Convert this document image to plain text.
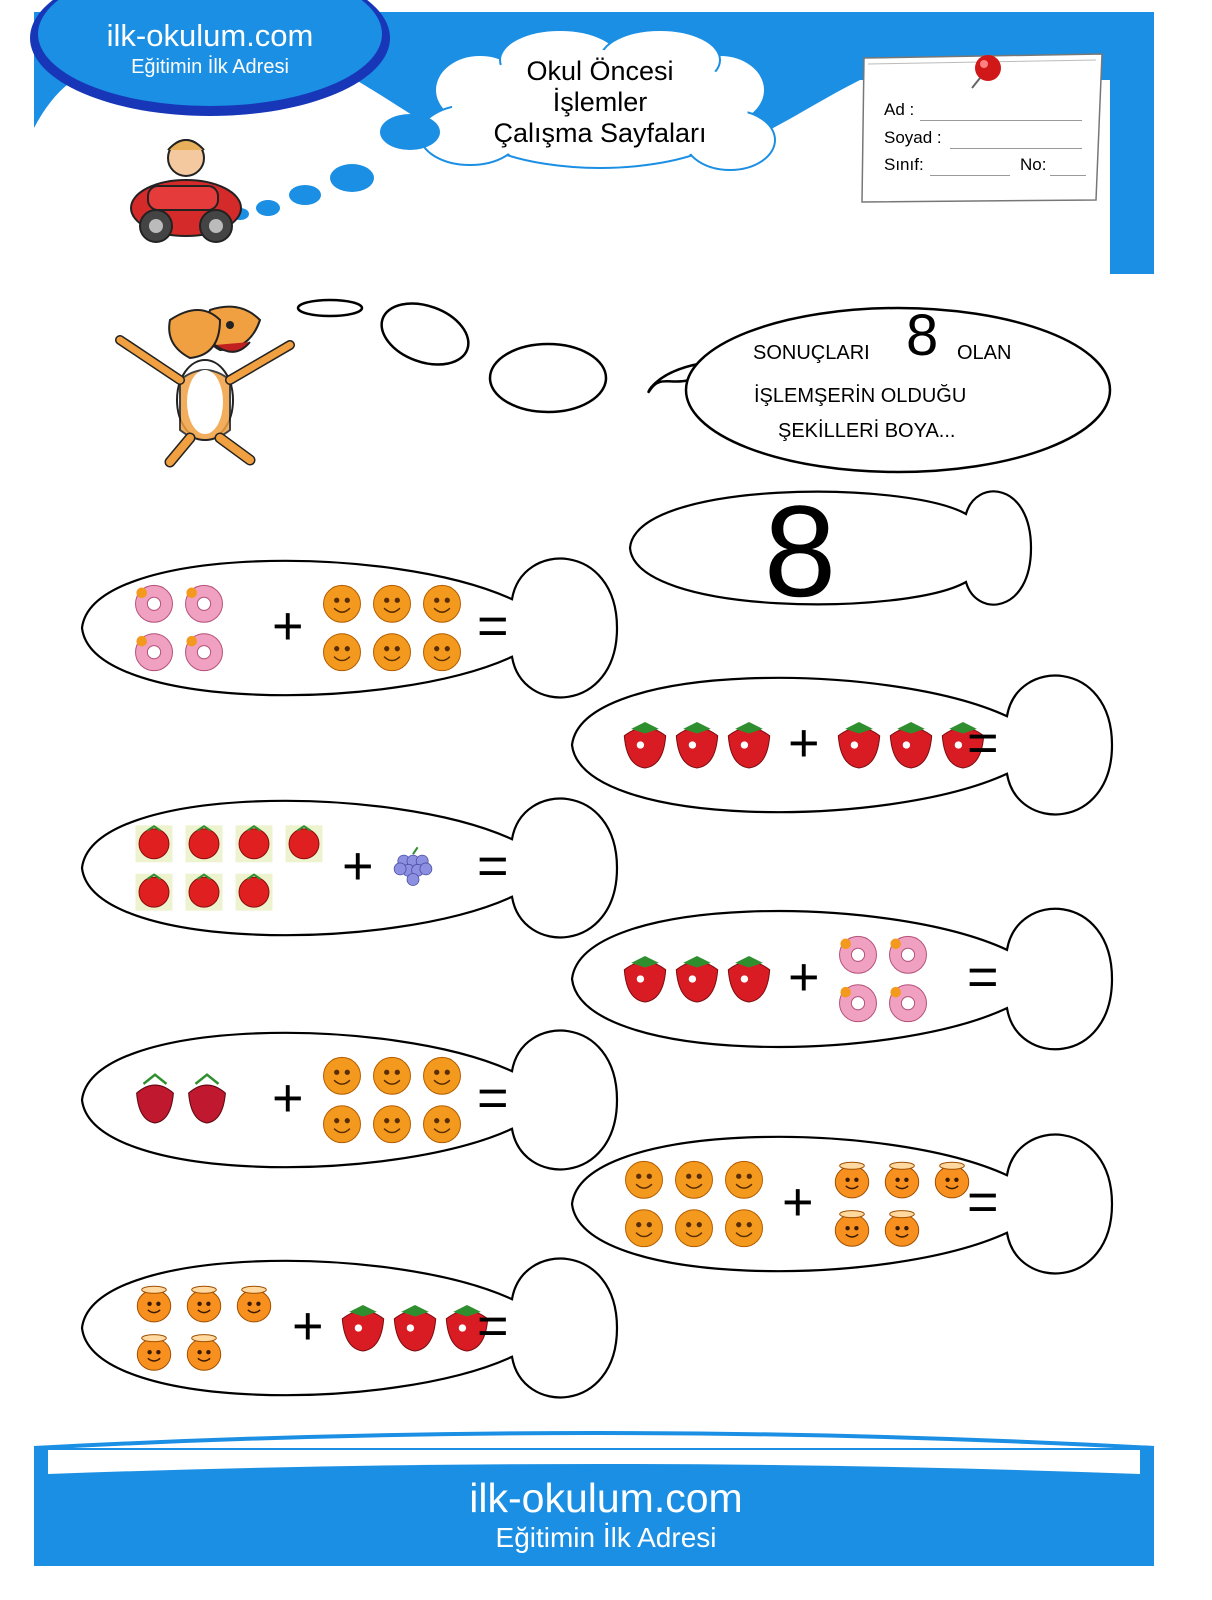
ilk-okulum.com
Eğitimin İlk Adresi	Okul Öncesi
İşlemler
Çalışma Sayfaları
Ad :
Soyad :
Sınıf:	No:
SONUÇLARI 8 OLAN
İŞLEMŞERİN OLDUĞU
ŞEKİLLERİ BOYA...
8
+	=
+	=
+ =
+	=
+	=
+	=
+	=
ilk-okulum.com
Eğitimin İlk Adresi
